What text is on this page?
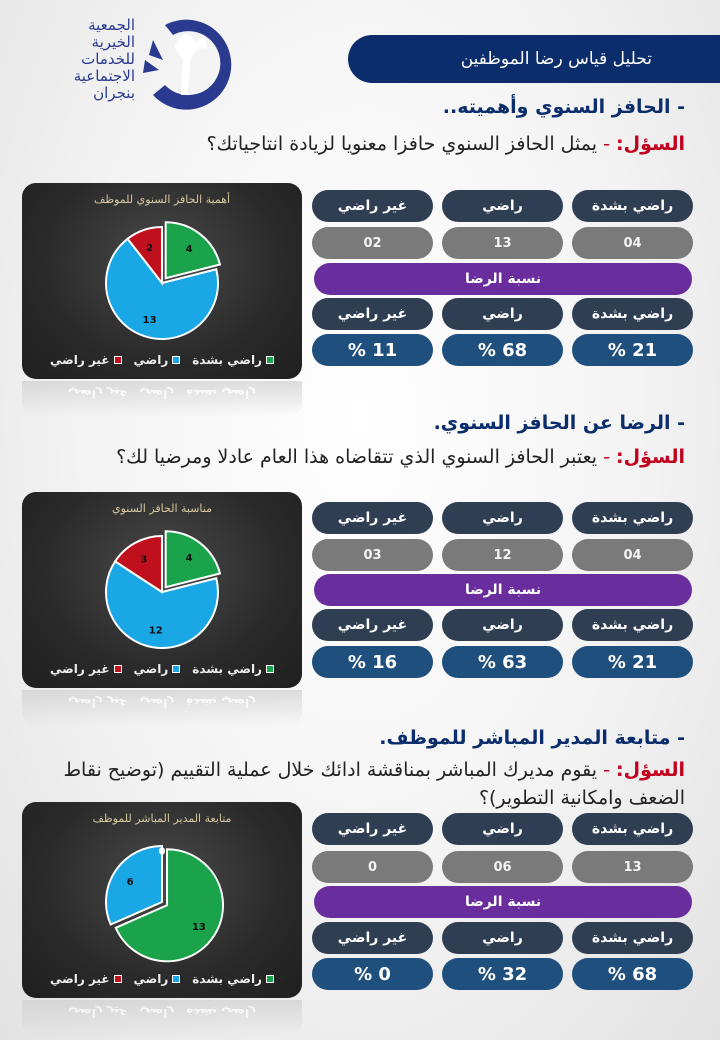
الجمعية
الخيرية
للخدمات
الاجتماعية
بنجران
تحليل قياس رضا الموظفين
- الحافز السنوي وأهميته..
السؤل: - يمثل الحافز السنوي حافزا معنويا لزيادة انتاجياتك؟
أهمية الحافز السنوي للموظف
4
13
2
راضي بشدة
راضي
غير راضي
راضي بشدة
راضي
غير راضي
راضي بشدة
راضي
غير راضي
04
13
02
نسبة الرضا
راضي بشدة
راضي
غير راضي
21 %
68 %
11 %
- الرضا عن الحافز السنوي.
السؤل: - يعتبر الحافز السنوي الذي تتقاضاه هذا العام عادلا ومرضيا لك؟
مناسبة الحافز السنوي
4
12
3
راضي بشدة
راضي
غير راضي
راضي بشدة
راضي
غير راضي
راضي بشدة
راضي
غير راضي
04
12
03
نسبة الرضا
راضي بشدة
راضي
غير راضي
21 %
63 %
16 %
- متابعة المدير المباشر للموظف.
السؤل: - يقوم مديرك المباشر بمناقشة ادائك خلال عملية التقييم (توضيح نقاط الضعف وامكانية التطوير)؟
متابعة المدير المباشر للموظف
13
6
0
راضي بشدة
راضي
غير راضي
راضي بشدة
راضي
غير راضي
راضي بشدة
راضي
غير راضي
13
06
0
نسبة الرضا
راضي بشدة
راضي
غير راضي
68 %
32 %
0 %
